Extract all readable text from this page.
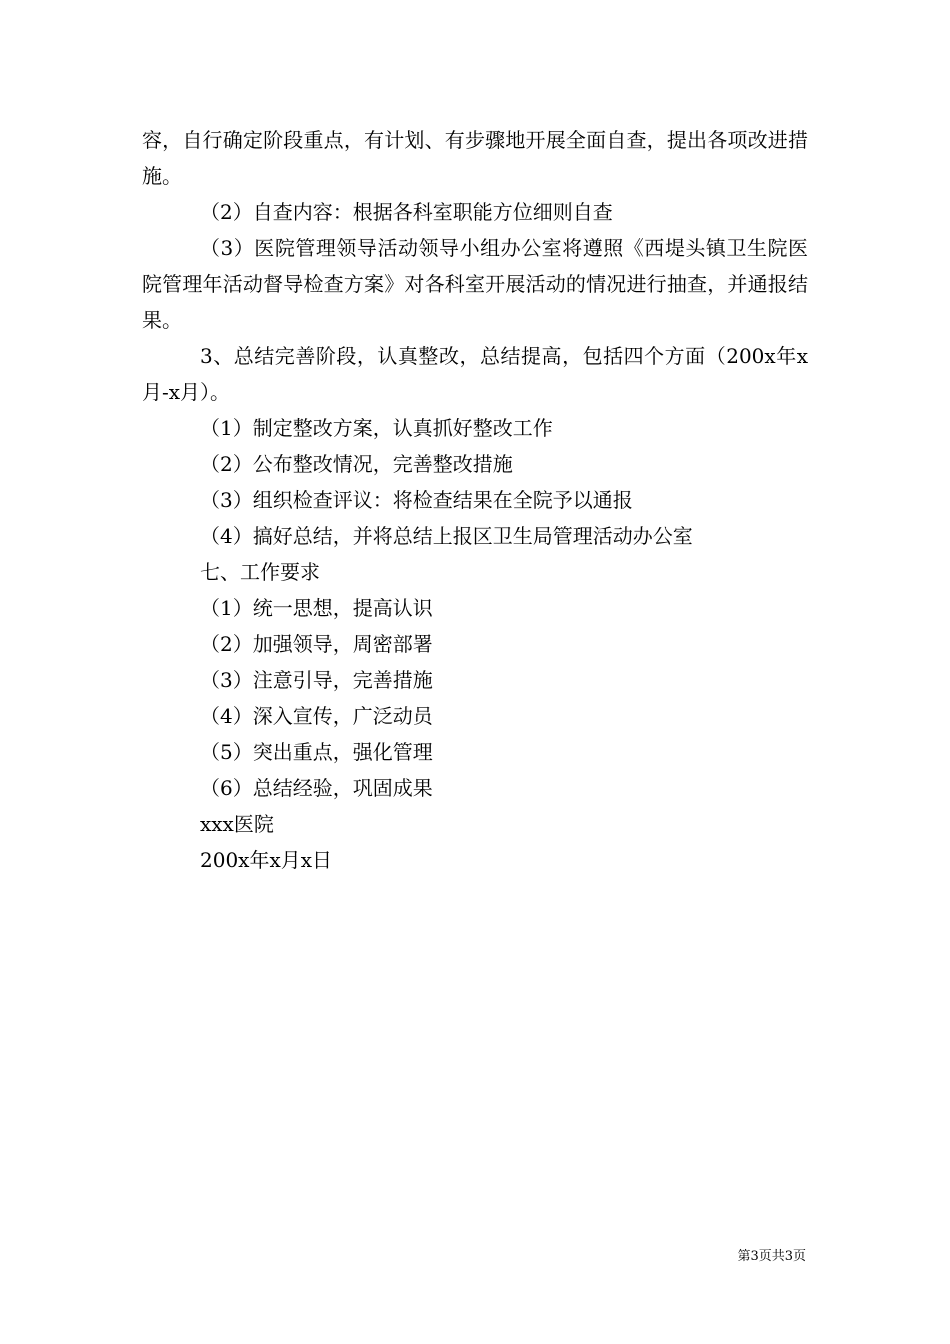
容，自行确定阶段重点，有计划、有步骤地开展全面自查，提出各项改进措施。

（2）自查内容：根据各科室职能方位细则自查

（3）医院管理领导活动领导小组办公室将遵照《西堤头镇卫生院医院管理年活动督导检查方案》对各科室开展活动的情况进行抽查，并通报结果。

3、总结完善阶段，认真整改，总结提高，包括四个方面（200x年x月-x月）。

（1）制定整改方案，认真抓好整改工作

（2）公布整改情况，完善整改措施

（3）组织检查评议：将检查结果在全院予以通报

（4）搞好总结，并将总结上报区卫生局管理活动办公室

七、工作要求

（1）统一思想，提高认识

（2）加强领导，周密部署

（3）注意引导，完善措施

（4）深入宣传，广泛动员

（5）突出重点，强化管理

（6）总结经验，巩固成果

xxx医院

200x年x月x日

第3页共3页
